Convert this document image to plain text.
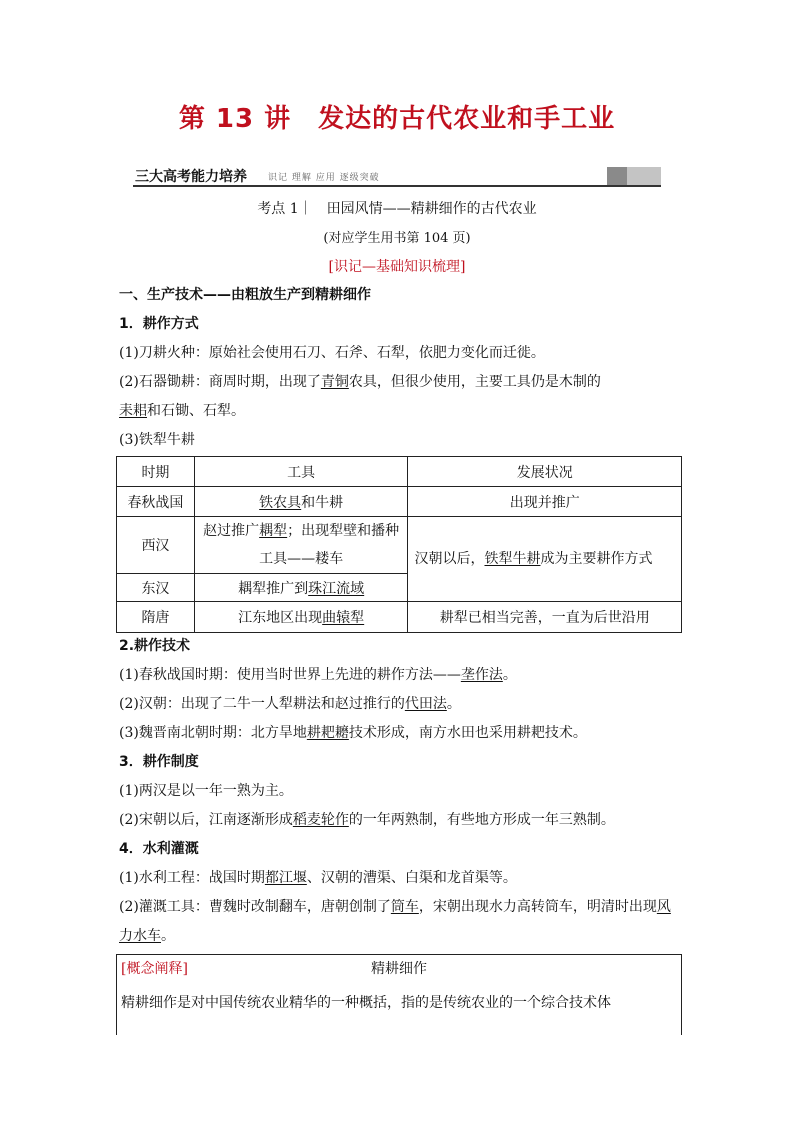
第 13 讲　发达的古代农业和手工业
三大高考能力培养 识记 理解 应用 逐级突破
考点 1｜　 田园风情——精耕细作的古代农业
(对应学生用书第 104 页)
[识记—基础知识梳理]
一、生产技术——由粗放生产到精耕细作
1．耕作方式
(1)刀耕火种：原始社会使用石刀、石斧、石犁，依肥力变化而迁徙。
(2)石器锄耕：商周时期，出现了青铜农具，但很少使用，主要工具仍是木制的
耒耜和石锄、石犁。
(3)铁犁牛耕
时期	工具	发展状况
春秋战国	铁农具和牛耕	出现并推广
西汉	赵过推广耦犁；出现犁壁和播种工具——耧车	汉朝以后，铁犁牛耕成为主要耕作方式
东汉	耦犁推广到珠江流域	
隋唐	江东地区出现曲辕犁	耕犁已相当完善，一直为后世沿用
2.耕作技术
(1)春秋战国时期：使用当时世界上先进的耕作方法——垄作法。
(2)汉朝：出现了二牛一人犁耕法和赵过推行的代田法。
(3)魏晋南北朝时期：北方旱地耕耙耱技术形成，南方水田也采用耕耙技术。
3．耕作制度
(1)两汉是以一年一熟为主。
(2)宋朝以后，江南逐渐形成稻麦轮作的一年两熟制，有些地方形成一年三熟制。
4．水利灌溉
(1)水利工程：战国时期都江堰、汉朝的漕渠、白渠和龙首渠等。
(2)灌溉工具：曹魏时改制翻车，唐朝创制了筒车，宋朝出现水力高转筒车，明清时出现风力水车。
精耕细作
[概念阐释]
精耕细作是对中国传统农业精华的一种概括，指的是传统农业的一个综合技术体
